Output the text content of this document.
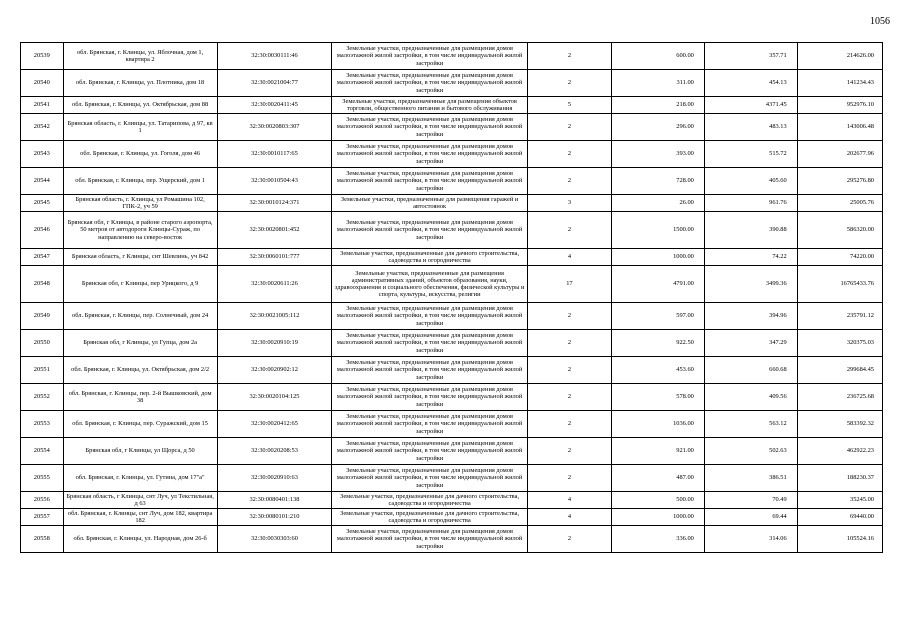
1056
20539	обл. Брянская, г. Клинцы, ул. Яблочная, дом 1, квартира 2	32:30:0030111:46	Земельные участки, предназначенные для размещения домов малоэтажной жилой застройки, в том числе индивидуальной жилой застройки	2	600.00	357.71	214626.00
20540	обл. Брянская, г. Клинцы, ул. Плотника, дом 18	32:30:0021004:77	Земельные участки, предназначенные для размещения домов малоэтажной жилой застройки, в том числе индивидуальной жилой застройки	2	311.00	454.13	141234.43
20541	обл. Брянская, г. Клинцы, ул. Октябрьская, дом 88	32:30:0020411:45	Земельные участки, предназначенные для размещения объектов торговли, общественного питания и бытового обслуживания	5	218.00	4371.45	952976.10
20542	Брянская область, г. Клинцы, ул. Татарипова, д 97, кв 1	32:30:0020803:307	Земельные участки, предназначенные для размещения домов малоэтажной жилой застройки, в том числе индивидуальной жилой застройки	2	296.00	483.13	143006.48
20543	обл. Брянская, г. Клинцы, ул. Гоголя, дом 46	32:30:0010117:65	Земельные участки, предназначенные для размещения домов малоэтажной жилой застройки, в том числе индивидуальной жилой застройки	2	393.00	515.72	202677.96
20544	обл. Брянская, г. Клинцы, пер. Ущерский, дом 1	32:30:0010504:43	Земельные участки, предназначенные для размещения домов малоэтажной жилой застройки, в том числе индивидуальной жилой застройки	2	728.00	405.60	295276.80
20545	Брянская область, г. Клинцы, ул Ромашина 102, ГПК-2, уч 59	32:30:0010124:371	Земельные участки, предназначенные для размещения гаражей и автостоянок	3	26.00	961.76	25005.76
20546	Брянская обл, г Клинцы, в районе старого аэропорта, 50 метров от автодороги Клинцы-Сураж, по направлению на северо-восток	32:30:0020801:452	Земельные участки, предназначенные для размещения домов малоэтажной жилой застройки, в том числе индивидуальной жилой застройки	2	1500.00	390.88	586320.00
20547	Брянская область, г Клинцы, снт Шевлинь, уч 842	32:30:0060101:777	Земельные участки, предназначенные для дачного строительства, садоводства и огородничества	4	1000.00	74.22	74220.00
20548	Брянская обл, г Клинцы, пер Урицкого, д 9	32:30:0020611:26	Земельные участки, предназначенные для размещения административных зданий, объектов образования, науки, здравоохранения и социального обеспечения, физической культуры и спорта, культуры, искусства, религии	17	4791.00	3499.36	16765433.76
20549	обл. Брянская, г. Клинцы, пер. Солнечный, дом 24	32:30:0021005:112	Земельные участки, предназначенные для размещения домов малоэтажной жилой застройки, в том числе индивидуальной жилой застройки	2	597.00	394.96	235791.12
20550	Брянская обл, г Клинцы, ул Гупца, дом 2а	32:30:0020910:19	Земельные участки, предназначенные для размещения домов малоэтажной жилой застройки, в том числе индивидуальной жилой застройки	2	922.50	347.29	320375.03
20551	обл. Брянская, г. Клинцы, ул. Октябрьская, дом 2/2	32:30:0020902:12	Земельные участки, предназначенные для размещения домов малоэтажной жилой застройки, в том числе индивидуальной жилой застройки	2	453.60	660.68	299684.45
20552	обл. Брянская, г. Клинцы, пер. 2-й Вышковский, дом 38	32:30:0020104:125	Земельные участки, предназначенные для размещения домов малоэтажной жилой застройки, в том числе индивидуальной жилой застройки	2	578.00	409.56	236725.68
20553	обл. Брянская, г. Клинцы, пер. Суражский, дом 15	32:30:0020412:65	Земельные участки, предназначенные для размещения домов малоэтажной жилой застройки, в том числе индивидуальной жилой застройки	2	1036.00	563.12	583392.32
20554	Брянская обл, г Клинцы, ул Щорса, д 50	32:30:0020208:53	Земельные участки, предназначенные для размещения домов малоэтажной жилой застройки, в том числе индивидуальной жилой застройки	2	921.00	502.63	462922.23
20555	обл. Брянская, г. Клинцы, ул. Гутина, дом 17"а"	32:30:0020910:63	Земельные участки, предназначенные для размещения домов малоэтажной жилой застройки, в том числе индивидуальной жилой застройки	2	487.00	386.51	188230.37
20556	Брянская область, г Клинцы, снт Луч, ул Текстильная, д 63	32:30:0080401:138	Земельные участки, предназначенные для дачного строительства, садоводства и огородничества	4	500.00	70.49	35245.00
20557	обл. Брянская, г. Клинцы, снт Луч, дом 182, квартира 182	32:30:0080101:210	Земельные участки, предназначенные для дачного строительства, садоводства и огородничества	4	1000.00	69.44	69440.00
20558	обл. Брянская, г. Клинцы, ул. Народная, дом 26-б	32:30:0030303:60	Земельные участки, предназначенные для размещения домов малоэтажной жилой застройки, в том числе индивидуальной жилой застройки	2	336.00	314.06	105524.16
